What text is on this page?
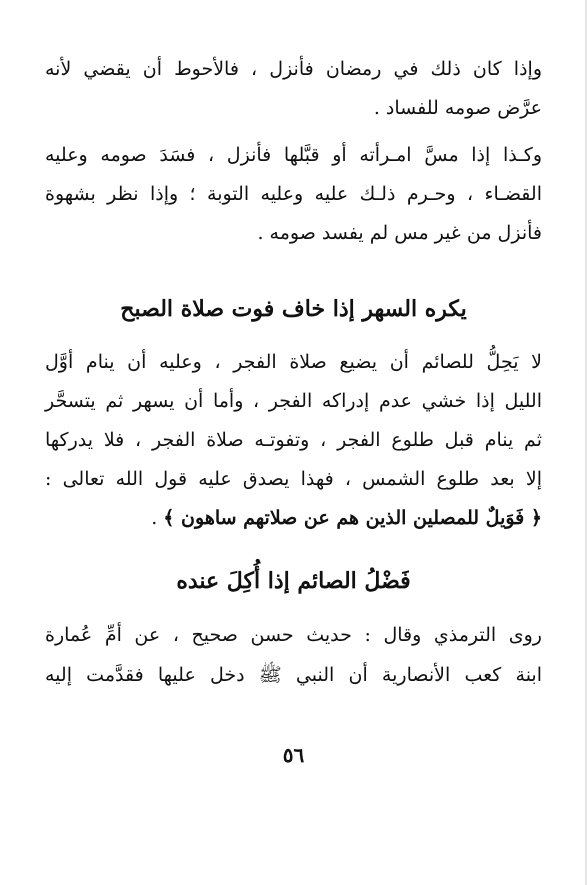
وإذا كان ذلك في رمضان فأنزل ، فالأحوط أن يقضي لأنه
عرَّض صومه للفساد .
وكـذا إذا مسَّ امـرأته أو قبَّلها فأنزل ، فسَدَ صومه وعليه
القضـاء ، وحـرم ذلـك عليه وعليه التوبة ؛ وإذا نظر بشهوة
فأنزل من غير مس لم يفسد صومه .
يكره السهر إذا خاف فوت صلاة الصبح
لا يَحِلُّ للصائم أن يضيع صلاة الفجر ، وعليه أن ينام أوَّل
الليل إذا خشي عدم إدراكه الفجر ، وأما أن يسهر ثم يتسحَّر
ثم ينام قبل طلوع الفجر ، وتفوتـه صلاة الفجر ، فلا يدركها
إلا بعد طلوع الشمس ، فهذا يصدق عليه قول الله تعالى :
﴿ فَوَيلٌ للمصلين الذين هم عن صلاتهم ساهون ﴾ .
فَضْلُ الصائم إذا أُكِلَ عنده
روى الترمذي وقال : حديث حسن صحيح ، عن أمِّ عُمارة
ابنة كعب الأنصارية أن النبي ﷺ دخل عليها فقدَّمت إليه
٥٦
